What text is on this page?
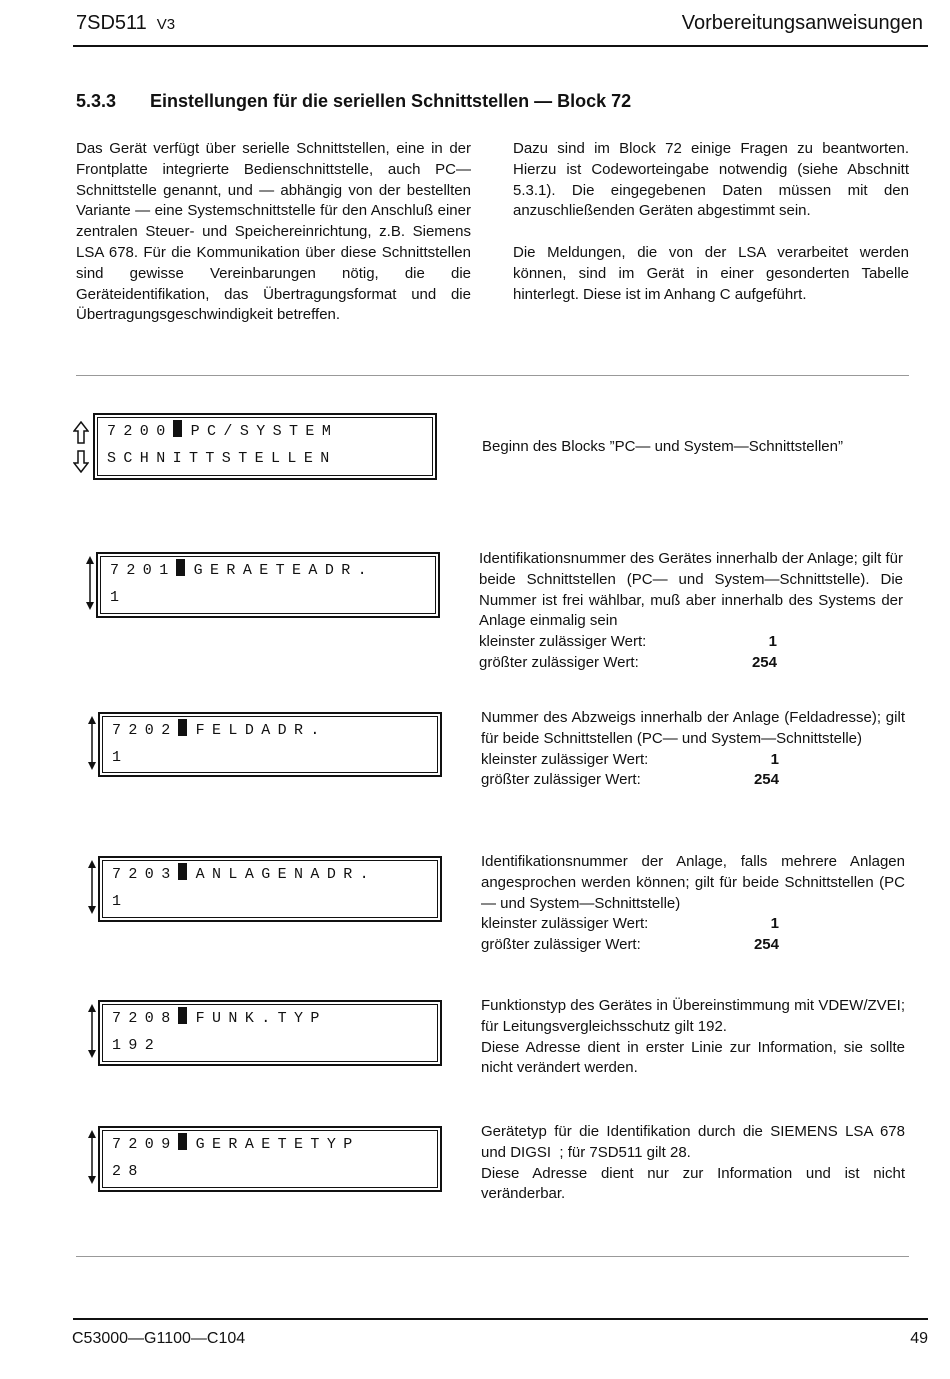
7SD511 V3	Vorbereitungsanweisungen
5.3.3 Einstellungen für die seriellen Schnittstellen — Block 72

Das Gerät verfügt über serielle Schnittstellen, eine in der Frontplatte integrierte Bedienschnittstelle, auch PC—Schnittstelle genannt, und — abhängig von der bestellten Variante — eine Systemschnittstelle für den Anschluß einer zentralen Steuer- und Speichereinrichtung, z.B. Siemens LSA 678. Für die Kommunikation über diese Schnittstellen sind gewisse Vereinbarungen nötig, die die Geräteidentifikation, das Übertragungsformat und die Übertragungsgeschwindigkeit betreffen.

Dazu sind im Block 72 einige Fragen zu beantworten. Hierzu ist Codeworteingabe notwendig (siehe Abschnitt 5.3.1). Die eingegebenen Daten müssen mit den anzuschließenden Geräten abgestimmt sein.

Die Meldungen, die von der LSA verarbeitet werden können, sind im Gerät in einer gesonderten Tabelle hinterlegt. Diese ist im Anhang C aufgeführt.

7200 PC/SYSTEM
SCHNITTSTELLEN
Beginn des Blocks ”PC— und System—Schnittstellen”
7201 GERAETEADR.
1
Identifikationsnummer des Gerätes innerhalb der Anlage; gilt für beide Schnittstellen (PC— und System—Schnittstelle). Die Nummer ist frei wählbar, muß aber innerhalb des Systems der Anlage einmalig sein
kleinster zulässiger Wert:	1
größter zulässiger Wert:	254
7202 FELDADR.
1
Nummer des Abzweigs innerhalb der Anlage (Feldadresse); gilt für beide Schnittstellen (PC— und System—Schnittstelle)
kleinster zulässiger Wert:	1
größter zulässiger Wert:	254
7203 ANLAGENADR.
1
Identifikationsnummer der Anlage, falls mehrere Anlagen angesprochen werden können; gilt für beide Schnittstellen (PC— und System—Schnittstelle)
kleinster zulässiger Wert:	1
größter zulässiger Wert:	254
7208 FUNK.TYP
192
Funktionstyp des Gerätes in Übereinstimmung mit VDEW/ZVEI; für Leitungsvergleichsschutz gilt 192.
Diese Adresse dient in erster Linie zur Information, sie sollte nicht verändert werden.
7209 GERAETETYP
28
Gerätetyp für die Identifikation durch die SIEMENS LSA 678 und DIGSI  ; für 7SD511 gilt 28.
Diese Adresse dient nur zur Information und ist nicht veränderbar.
C53000—G1100—C104	49
